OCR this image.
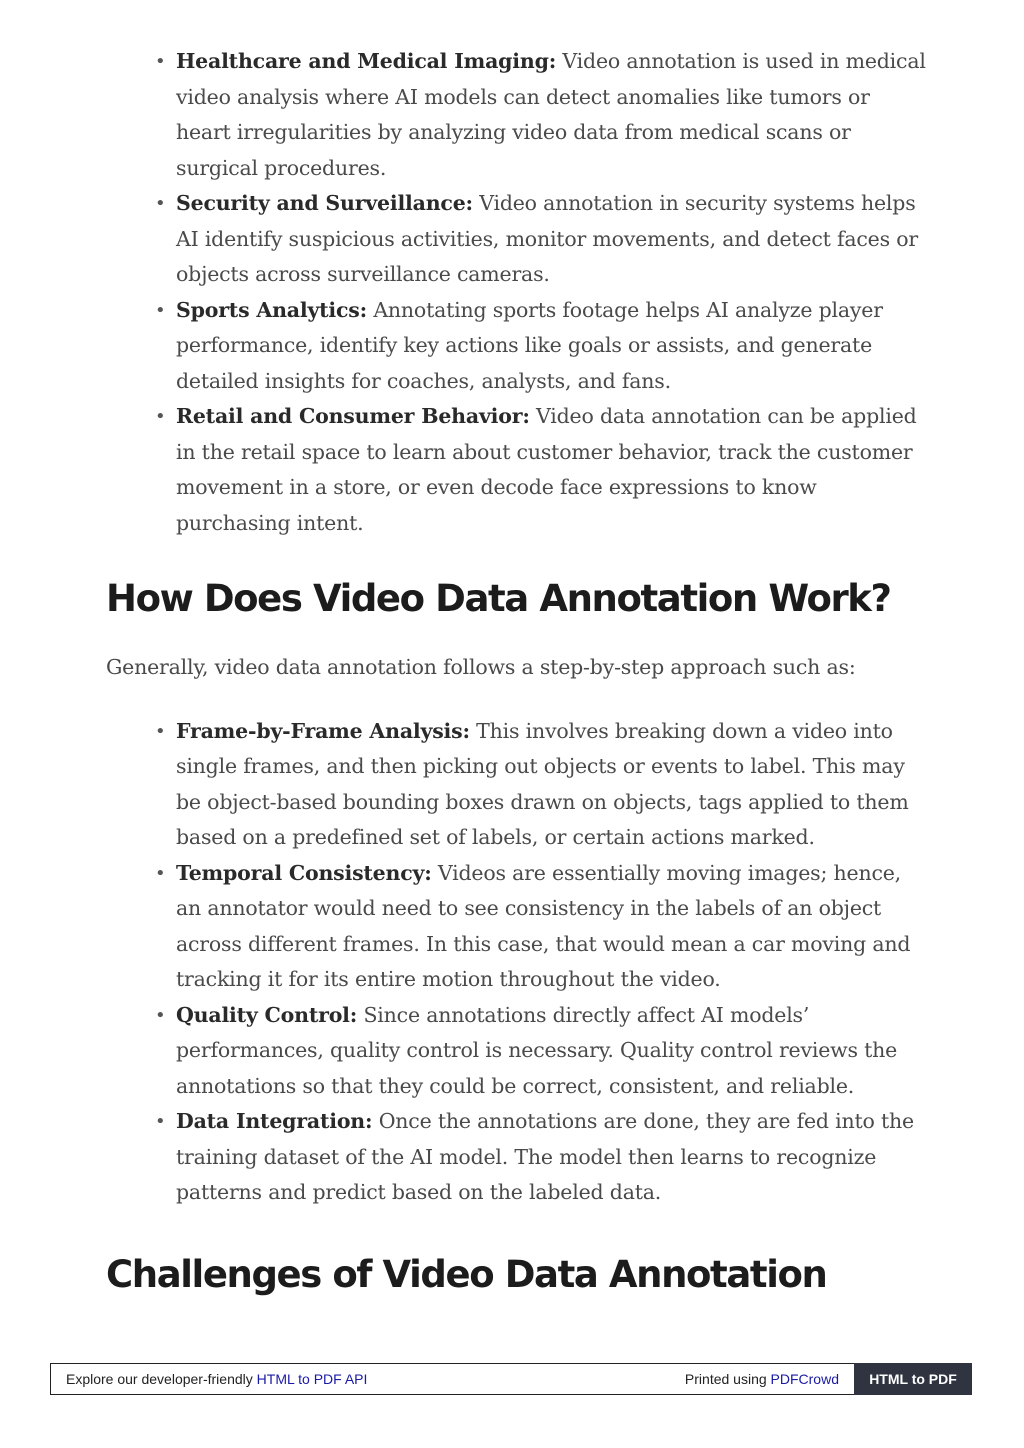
• Healthcare and Medical Imaging: Video annotation is used in medical video analysis where AI models can detect anomalies like tumors or heart irregularities by analyzing video data from medical scans or surgical procedures.
• Security and Surveillance: Video annotation in security systems helps AI identify suspicious activities, monitor movements, and detect faces or objects across surveillance cameras.
• Sports Analytics: Annotating sports footage helps AI analyze player performance, identify key actions like goals or assists, and generate detailed insights for coaches, analysts, and fans.
• Retail and Consumer Behavior: Video data annotation can be applied in the retail space to learn about customer behavior, track the customer movement in a store, or even decode face expressions to know purchasing intent.
How Does Video Data Annotation Work?

Generally, video data annotation follows a step-by-step approach such as:

• Frame-by-Frame Analysis: This involves breaking down a video into single frames, and then picking out objects or events to label. This may be object-based bounding boxes drawn on objects, tags applied to them based on a predefined set of labels, or certain actions marked.
• Temporal Consistency: Videos are essentially moving images; hence, an annotator would need to see consistency in the labels of an object across different frames. In this case, that would mean a car moving and tracking it for its entire motion throughout the video.
• Quality Control: Since annotations directly affect AI models’ performances, quality control is necessary. Quality control reviews the annotations so that they could be correct, consistent, and reliable.
• Data Integration: Once the annotations are done, they are fed into the training dataset of the AI model. The model then learns to recognize patterns and predict based on the labeled data.
Challenges of Video Data Annotation
Explore our developer-friendly HTML to PDF API	Printed using PDFCrowd	HTML to PDF
